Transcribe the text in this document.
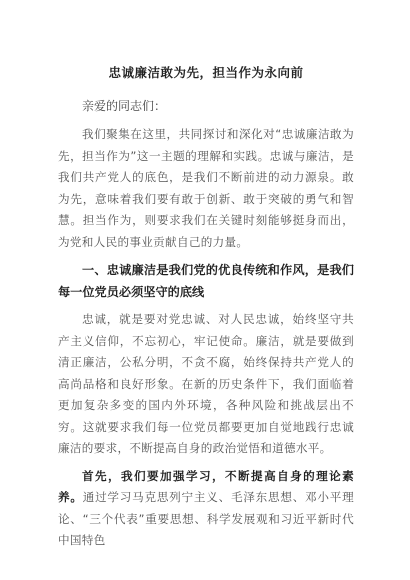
忠诚廉洁敢为先，担当作为永向前
亲爱的同志们：

我们聚集在这里，共同探讨和深化对“忠诚廉洁敢为先，担当作为”这一主题的理解和实践。忠诚与廉洁，是我们共产党人的底色，是我们不断前进的动力源泉。敢为先，意味着我们要有敢于创新、敢于突破的勇气和智慧。担当作为，则要求我们在关键时刻能够挺身而出，为党和人民的事业贡献自己的力量。

一、忠诚廉洁是我们党的优良传统和作风，是我们每一位党员必须坚守的底线

忠诚，就是要对党忠诚、对人民忠诚，始终坚守共产主义信仰，不忘初心，牢记使命。廉洁，就是要做到清正廉洁，公私分明，不贪不腐，始终保持共产党人的高尚品格和良好形象。在新的历史条件下，我们面临着更加复杂多变的国内外环境，各种风险和挑战层出不穷。这就要求我们每一位党员都要更加自觉地践行忠诚廉洁的要求，不断提高自身的政治觉悟和道德水平。

首先，我们要加强学习，不断提高自身的理论素养。通过学习马克思列宁主义、毛泽东思想、邓小平理论、“三个代表”重要思想、科学发展观和习近平新时代中国特色
